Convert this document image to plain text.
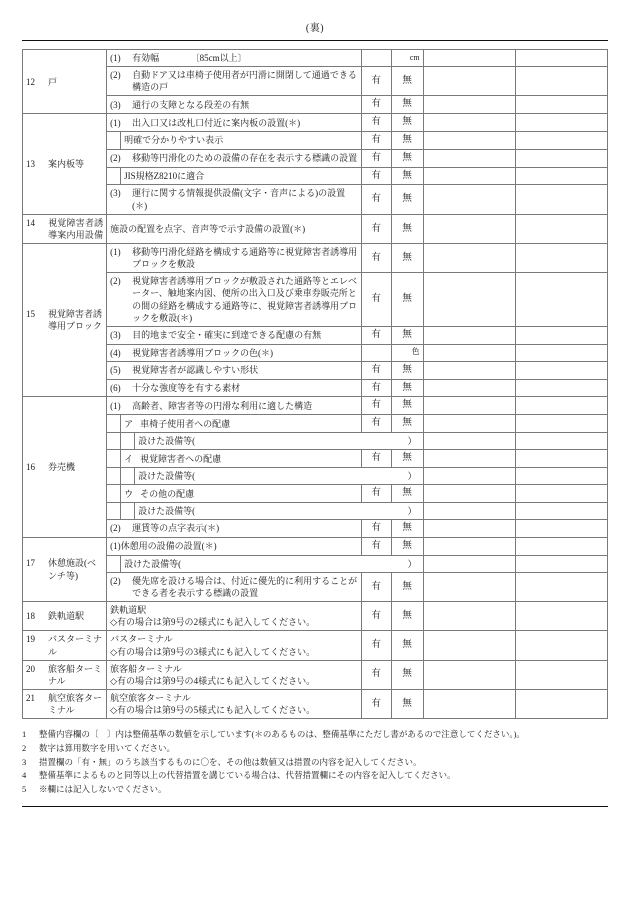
(裏)
12 戸	(1) 有効幅　　　　〔85cm以上〕				cm		

	(2) 自動ドア又は車椅子使用者が円滑に開閉して通過できる構造の戸			有	無		

	(3) 通行の支障となる段差の有無			有	無		

13 案内板等	(1) 出入口又は改札口付近に案内板の設置(＊)			有	無		
		明確で分かりやすい表示		有	無		

	(2) 移動等円滑化のための設備の存在を表示する標識の設置			有	無		
		JIS規格Z8210に適合		有	無		

	(3) 運行に関する情報提供設備(文字・音声による)の設置(＊)			有	無		

14 視覚障害者誘導案内用設備	施設の配置を点字、音声等で示す設備の設置(＊)			有	無		

15 視覚障害者誘導用ブロック	(1) 移動等円滑化経路を構成する通路等に視覚障害者誘導用ブロックを敷設			有	無		

	(2) 視覚障害者誘導用ブロックが敷設された通路等とエレベーター、触地案内図、便所の出入口及び乗車券販売所との間の経路を構成する通路等に、視覚障害者誘導用ブロックを敷設(＊)			有	無		

	(3) 目的地まで安全・確実に到達できる配慮の有無			有	無		

	(4) 視覚障害者誘導用ブロックの色(＊)				色		

	(5) 視覚障害者が認識しやすい形状			有	無		

	(6) 十分な強度等を有する素材			有	無		

16 券売機	(1) 高齢者、障害者等の円滑な利用に適した構造			有	無		

		ア 車椅子使用者への配慮		有	無		
			設けた設備等( ）				

		イ 視覚障害者への配慮		有	無		
			設けた設備等( ）				

		ウ その他の配慮		有	無		
			設けた設備等( ）				

	(2) 運賃等の点字表示(＊)			有	無		

17 休憩施設(ベンチ等)	(1)休憩用の設備の設置(＊)			有	無		
		設けた設備等( ）					

	(2) 優先席を設ける場合は、付近に優先的に利用することができる者を表示する標識の設置			有	無		

18 鉄軌道駅	鉄軌道駅
◇有の場合は第9号の2様式にも記入してください。			有	無		

19 バスターミナル	バスターミナル
◇有の場合は第9号の3様式にも記入してください。			有	無		

20 旅客船ターミナル	旅客船ターミナル
◇有の場合は第9号の4様式にも記入してください。			有	無		

21 航空旅客ターミナル	航空旅客ターミナル
◇有の場合は第9号の5様式にも記入してください。			有	無		
1 整備内容欄の〔　〕内は整備基準の数値を示しています(＊のあるものは、整備基準にただし書があるので注意してください。)。
2 数字は算用数字を用いてください。
3 措置欄の「有・無」のうち該当するものに〇を、その他は数値又は措置の内容を記入してください。
4 整備基準によるものと同等以上の代替措置を講じている場合は、代替措置欄にその内容を記入してください。
5 ※欄には記入しないでください。
